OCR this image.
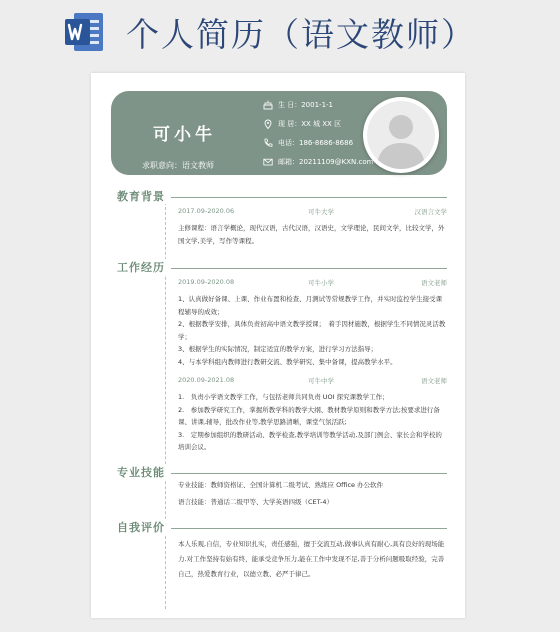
个人简历（语文教师）
可小牛
求职意向：语文教师
生 日：2001-1-1
现 居：XX 城 XX 区
电话：186-8686-8686
邮箱：20211109@KXN.com
教育背景
2017.09-2020.06	可牛大学	汉语言文学

主修课程：语言学概论，现代汉语，古代汉语，汉语史，文学理论，民间文学，比较文学，外国文学,美学，写作等课程。

工作经历
2019.09-2020.08	可牛小学	语文老师

1、认真做好备课、上课、作业布置和检查、月测试等常规教学工作，并实时监控学生接受课程辅导的成效；

2、根据教学安排，具体负责初高中语文教学授课；　着手因材施教，根据学生不同情况灵活教学；

3、根据学生的实际情况，制定适宜的教学方案，进行学习方法指导；

4、与本学科组内教师进行教研交流、教学研究、集中备课，提高教学水平。

2020.09-2021.08	可牛中学	语文老师

1.　负责小学语文教学工作，与包括老师共同负责 UOI 探究课教学工作；

2.　参加教学研究工作，掌握所教学科的教学大纲、教材教学原则和教学方法;按要求进行备课、讲课,辅导，批改作业等,教学思路清晰，课堂气氛活跃;

3.　定期参加组织的教研活动、教学检查,教学培训等教学活动,及部门例会、家长会和学校的培训会议。

专业技能

专业技能：教师资格证、全国计算机二级考试、熟练应 Office 办公软件

语言技能：普通话二级甲等、大学英语四级（CET-4）

自我评价

本人乐观,自信，专业知识扎实，责任感强，擅于交流互动,做事认真有耐心,具有良好的现场能力.对工作坚持有始有终，能承受竞争压力,能在工作中发现不足,善于分析问题吸取经验，完善自己，热爱教育行业，以德立教、必严于律己。
